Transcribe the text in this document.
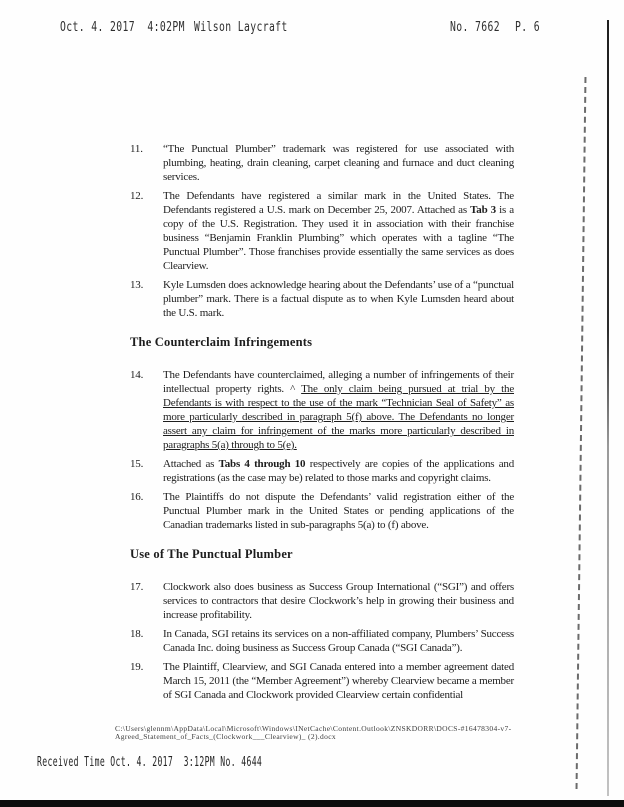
Oct. 4. 2017  4:02PM Wilson Laycraft	No. 7662 P. 6
11.	“The Punctual Plumber” trademark was registered for use associated with plumbing, heating, drain cleaning, carpet cleaning and furnace and duct cleaning services.
12.	The Defendants have registered a similar mark in the United States. The Defendants registered a U.S. mark on December 25, 2007. Attached as Tab 3 is a copy of the U.S. Registration. They used it in association with their franchise business “Benjamin Franklin Plumbing” which operates with a tagline “The Punctual Plumber”. Those franchises provide essentially the same services as does Clearview.
13.	Kyle Lumsden does acknowledge hearing about the Defendants’ use of a “punctual plumber” mark. There is a factual dispute as to when Kyle Lumsden heard about the U.S. mark.
The Counterclaim Infringements
14.	The Defendants have counterclaimed, alleging a number of infringements of their intellectual property rights. ^ The only claim being pursued at trial by the Defendants is with respect to the use of the mark “Technician Seal of Safety” as more particularly described in paragraph 5(f) above. The Defendants no longer assert any claim for infringement of the marks more particularly described in paragraphs 5(a) through to 5(e).
15.	Attached as Tabs 4 through 10 respectively are copies of the applications and registrations (as the case may be) related to those marks and copyright claims.
16.	The Plaintiffs do not dispute the Defendants’ valid registration either of the Punctual Plumber mark in the United States or pending applications of the Canadian trademarks listed in sub-paragraphs 5(a) to (f) above.
Use of The Punctual Plumber
17.	Clockwork also does business as Success Group International (“SGI”) and offers services to contractors that desire Clockwork’s help in growing their business and increase profitability.
18.	In Canada, SGI retains its services on a non-affiliated company, Plumbers’ Success Canada Inc. doing business as Success Group Canada (“SGI Canada”).
19.	The Plaintiff, Clearview, and SGI Canada entered into a member agreement dated March 15, 2011 (the “Member Agreement”) whereby Clearview became a member of SGI Canada and Clockwork provided Clearview certain confidential
C:\Users\glennm\AppData\Local\Microsoft\Windows\INetCache\Content.Outlook\ZNSKDORR\DOCS-#16478304-v7-
Agreed_Statement_of_Facts_(Clockwork___Clearview)_ (2).docx
Received Time Oct. 4. 2017  3:12PM No. 4644
